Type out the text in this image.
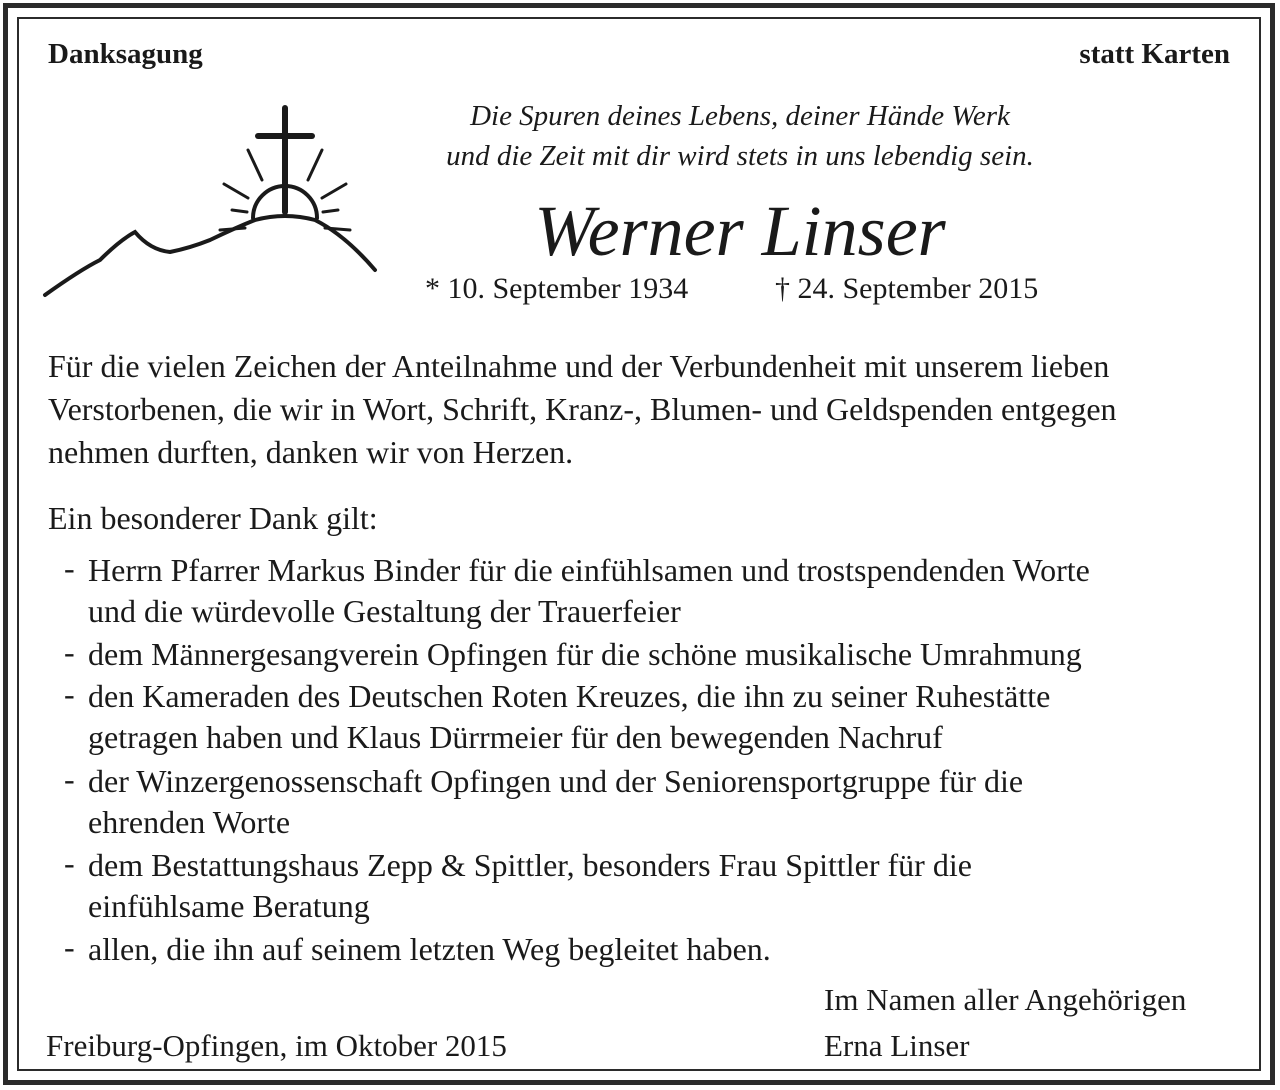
Danksagung	statt Karten
Die Spuren deines Lebens, deiner Hände Werk
und die Zeit mit dir wird stets in uns lebendig sein.
Werner Linser
* 10. September 1934	† 24. September 2015
Für die vielen Zeichen der Anteilnahme und der Verbundenheit mit unserem lieben
Verstorbenen, die wir in Wort, Schrift, Kranz-, Blumen- und Geldspenden entgegen
nehmen durften, danken wir von Herzen.
Ein besonderer Dank gilt:
- Herrn Pfarrer Markus Binder für die einfühlsamen und trostspendenden Worte
und die würdevolle Gestaltung der Trauerfeier
- dem Männergesangverein Opfingen für die schöne musikalische Umrahmung
- den Kameraden des Deutschen Roten Kreuzes, die ihn zu seiner Ruhestätte
getragen haben und Klaus Dürrmeier für den bewegenden Nachruf
- der Winzergenossenschaft Opfingen und der Seniorensportgruppe für die
ehrenden Worte
- dem Bestattungshaus Zepp & Spittler, besonders Frau Spittler für die
einfühlsame Beratung
- allen, die ihn auf seinem letzten Weg begleitet haben.
Im Namen aller Angehörigen
Freiburg-Opfingen, im Oktober 2015	Erna Linser
